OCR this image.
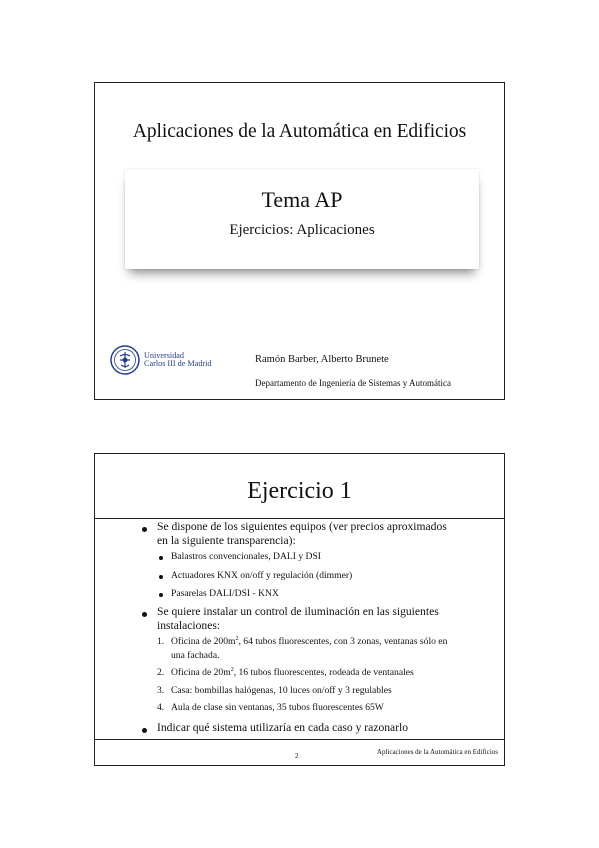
Aplicaciones de la Automática en Edificios
Tema AP
Ejercicios: Aplicaciones
Universidad
Carlos III de Madrid	Ramón Barber, Alberto Brunete
Departamento de Ingeniería de Sistemas y Automática
Ejercicio 1
Se dispone de los siguientes equipos (ver precios aproximados
en la siguiente transparencia):
Balastros convencionales, DALI y DSI
Actuadores KNX on/off y regulación (dimmer)
Pasarelas DALI/DSI - KNX
Se quiere instalar un control de iluminación en las siguientes
instalaciones:
1. Oficina de $200m^2$, 64 tubos fluorescentes, con 3 zonas, ventanas sólo en
una fachada.
2. Oficina de $20m^2$, 16 tubos fluorescentes, rodeada de ventanales
3. Casa: bombillas halógenas, 10 luces on/off y 3 regulables
4. Aula de clase sin ventanas, 35 tubos fluorescentes 65W
Indicar qué sistema utilizaría en cada caso y razonarlo
2	Aplicaciones de la Automática en Edificios
